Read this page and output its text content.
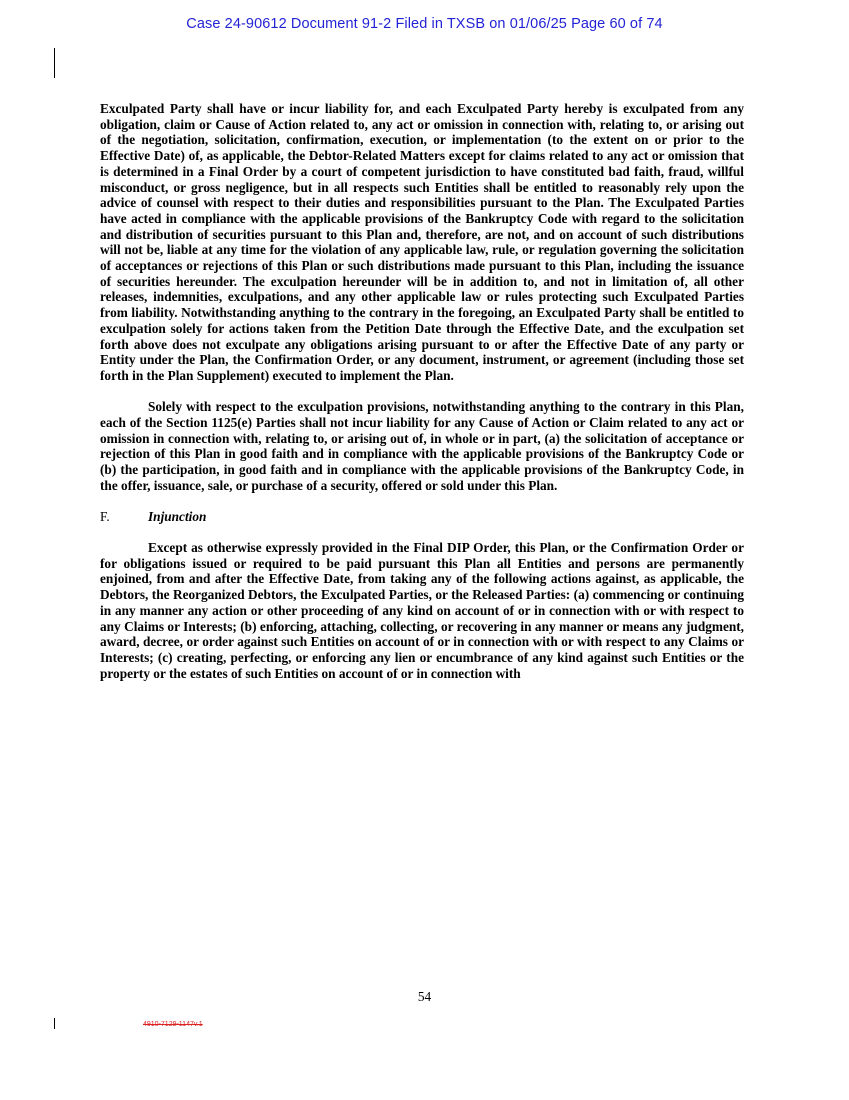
Case 24-90612 Document 91-2 Filed in TXSB on 01/06/25 Page 60 of 74

Exculpated Party shall have or incur liability for, and each Exculpated Party hereby is exculpated from any obligation, claim or Cause of Action related to, any act or omission in connection with, relating to, or arising out of the negotiation, solicitation, confirmation, execution, or implementation (to the extent on or prior to the Effective Date) of, as applicable, the Debtor-Related Matters except for claims related to any act or omission that is determined in a Final Order by a court of competent jurisdiction to have constituted bad faith, fraud, willful misconduct, or gross negligence, but in all respects such Entities shall be entitled to reasonably rely upon the advice of counsel with respect to their duties and responsibilities pursuant to the Plan. The Exculpated Parties have acted in compliance with the applicable provisions of the Bankruptcy Code with regard to the solicitation and distribution of securities pursuant to this Plan and, therefore, are not, and on account of such distributions will not be, liable at any time for the violation of any applicable law, rule, or regulation governing the solicitation of acceptances or rejections of this Plan or such distributions made pursuant to this Plan, including the issuance of securities hereunder. The exculpation hereunder will be in addition to, and not in limitation of, all other releases, indemnities, exculpations, and any other applicable law or rules protecting such Exculpated Parties from liability. Notwithstanding anything to the contrary in the foregoing, an Exculpated Party shall be entitled to exculpation solely for actions taken from the Petition Date through the Effective Date, and the exculpation set forth above does not exculpate any obligations arising pursuant to or after the Effective Date of any party or Entity under the Plan, the Confirmation Order, or any document, instrument, or agreement (including those set forth in the Plan Supplement) executed to implement the Plan.

Solely with respect to the exculpation provisions, notwithstanding anything to the contrary in this Plan, each of the Section 1125(e) Parties shall not incur liability for any Cause of Action or Claim related to any act or omission in connection with, relating to, or arising out of, in whole or in part, (a) the solicitation of acceptance or rejection of this Plan in good faith and in compliance with the applicable provisions of the Bankruptcy Code or (b) the participation, in good faith and in compliance with the applicable provisions of the Bankruptcy Code, in the offer, issuance, sale, or purchase of a security, offered or sold under this Plan.

F.	Injunction

Except as otherwise expressly provided in the Final DIP Order, this Plan, or the Confirmation Order or for obligations issued or required to be paid pursuant this Plan all Entities and persons are permanently enjoined, from and after the Effective Date, from taking any of the following actions against, as applicable, the Debtors, the Reorganized Debtors, the Exculpated Parties, or the Released Parties: (a) commencing or continuing in any manner any action or other proceeding of any kind on account of or in connection with or with respect to any Claims or Interests; (b) enforcing, attaching, collecting, or recovering in any manner or means any judgment, award, decree, or order against such Entities on account of or in connection with or with respect to any Claims or Interests; (c) creating, perfecting, or enforcing any lien or encumbrance of any kind against such Entities or the property or the estates of such Entities on account of or in connection with

54
4910-7129-1147v.1
